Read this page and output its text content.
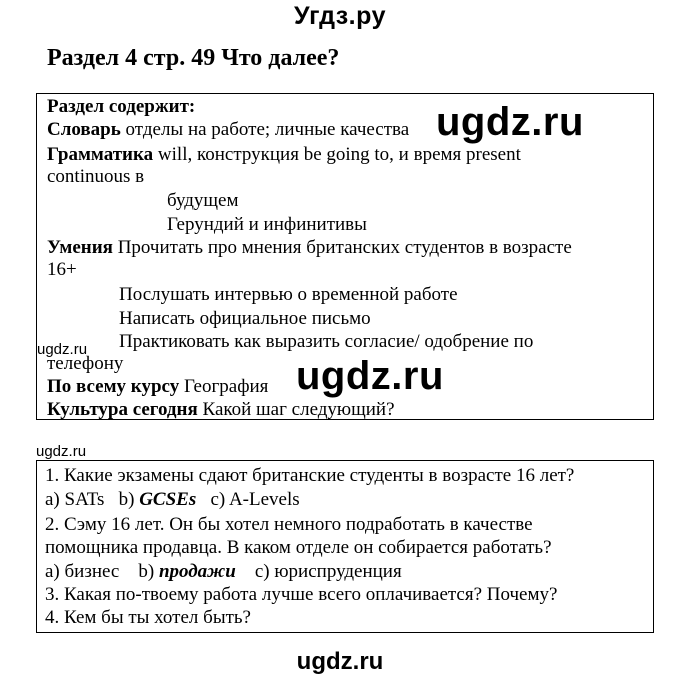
Угдз.ру
Раздел 4 стр. 49 Что далее?
Раздел содержит:
Словарь отделы на работе; личные качества
Грамматика will, конструкция be going to, и время present
continuous в
будущем
Герундий и инфинитивы
Умения Прочитать про мнения британских студентов в возрасте
16+
Послушать интервью о временной работе
Написать официальное письмо
Практиковать как выразить согласие/ одобрение по
телефону
По всему курсу География
Культура сегодня Какой шаг следующий?
ugdz.ru
ugdz.ru
ugdz.ru
ugdz.ru
1. Какие экзамены сдают британские студенты в возрасте 16 лет?
a) SATs b) GCSEs c) A-Levels
2. Сэму 16 лет. Он бы хотел немного подработать в качестве
помощника продавца. В каком отделе он собирается работать?
а) бизнес b) продажи c) юриспруденция
3. Какая по-твоему работа лучше всего оплачивается? Почему?
4. Кем бы ты хотел быть?
ugdz.ru
